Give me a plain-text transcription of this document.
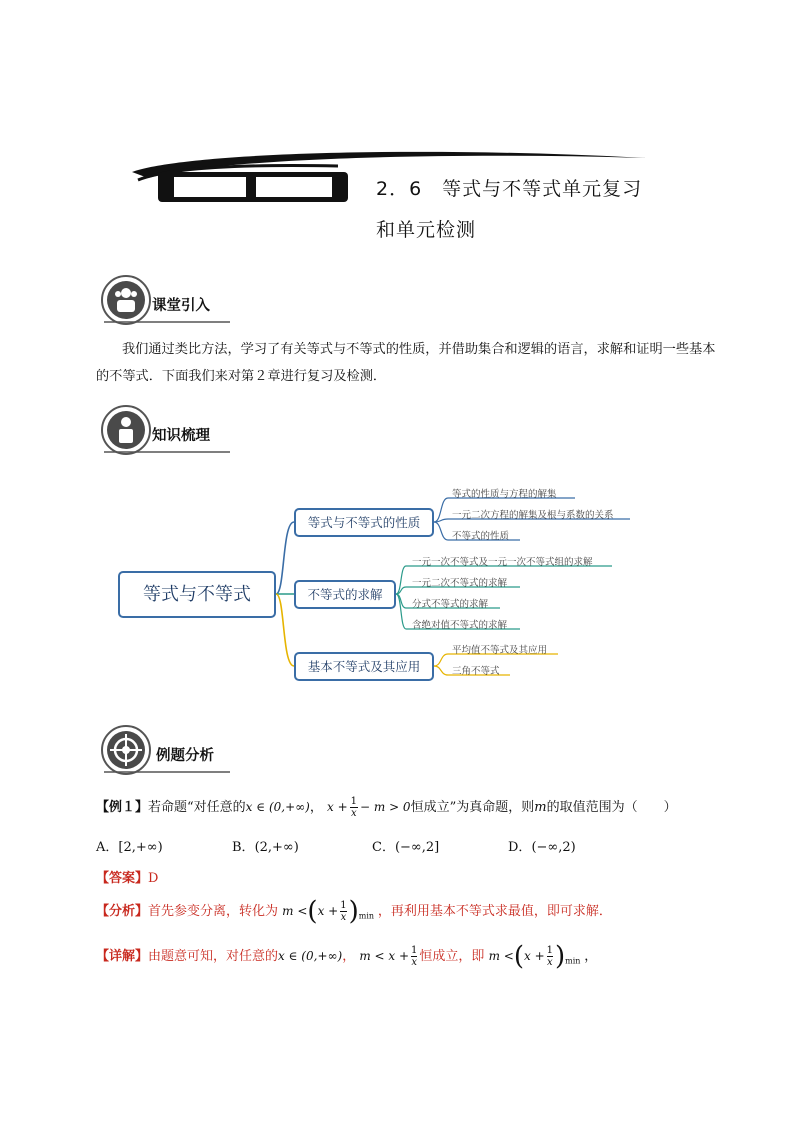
2．6　等式与不等式单元复习
和单元检测
课堂引入
我们通过类比方法，学习了有关等式与不等式的性质，并借助集合和逻辑的语言，求解和证明一些基本的不等式．下面我们来对第２章进行复习及检测．
知识梳理
等式与不等式
等式与不等式的性质
不等式的求解
基本不等式及其应用
等式的性质与方程的解集
一元二次方程的解集及根与系数的关系
不等式的性质
一元一次不等式及一元一次不等式组的求解
一元二次不等式的求解
分式不等式的求解
含绝对值不等式的求解
平均值不等式及其应用
三角不等式
例题分析
【例１】若命题“对任意的x ∈ (0,+∞)， $x + \frac{1}{x} - m > 0$恒成立”为真命题，则m的取值范围为（　　）
A．[2,+∞)	B．(2,+∞)	C．(−∞,2]	D．(−∞,2)
【答案】D
【分析】首先参变分离，转化为 $m <(x + \frac{1}{x} )_{min}$ ，再利用基本不等式求最值，即可求解．
【详解】由题意可知，对任意的x ∈ (0,+∞)， $m < x + \frac{1}{x}$ 恒成立，即 $m <(x + \frac{1}{x} )_{min}$ ，
